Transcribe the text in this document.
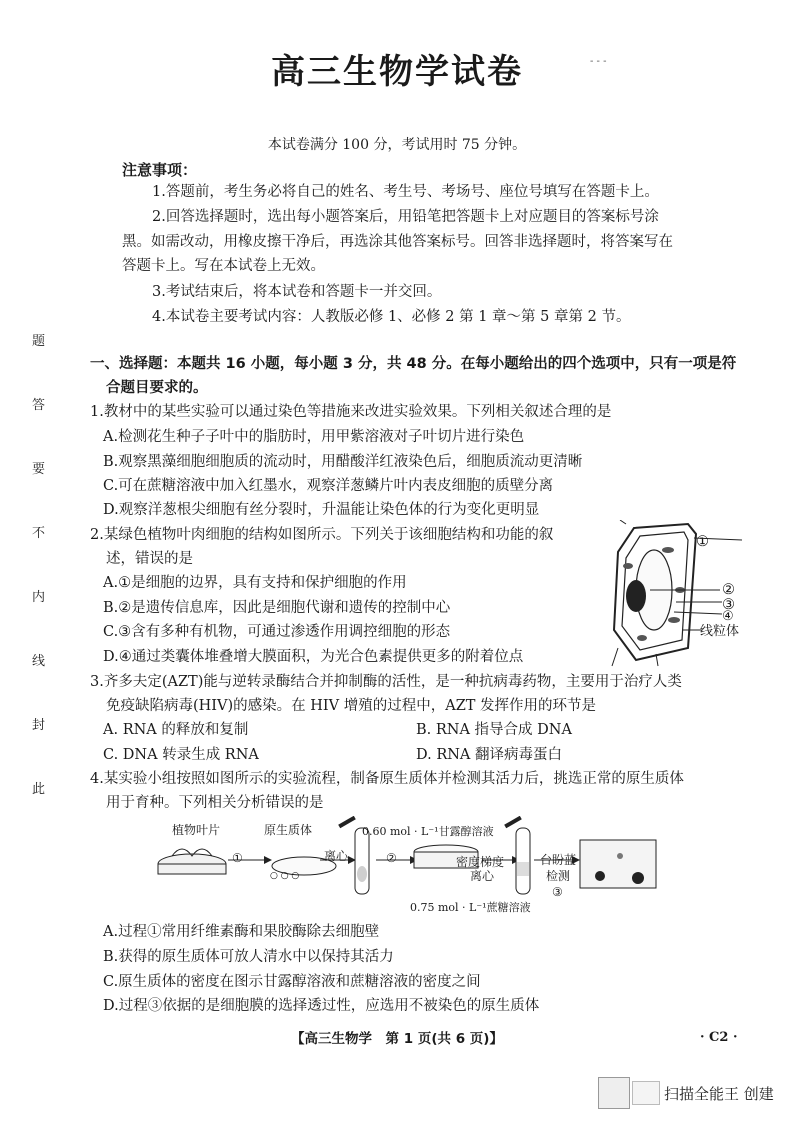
高三生物学试卷	- - -
本试卷满分 100 分，考试用时 75 分钟。
注意事项：
1.答题前，考生务必将自己的姓名、考生号、考场号、座位号填写在答题卡上。
2.回答选择题时，选出每小题答案后，用铅笔把答题卡上对应题目的答案标号涂
黑。如需改动，用橡皮擦干净后，再选涂其他答案标号。回答非选择题时，将答案写在
答题卡上。写在本试卷上无效。
3.考试结束后，将本试卷和答题卡一并交回。
4.本试卷主要考试内容：人教版必修 1、必修 2 第 1 章～第 5 章第 2 节。
题
答
要
不
内
线
封
此
一、选择题：本题共 16 小题，每小题 3 分，共 48 分。在每小题给出的四个选项中，只有一项是符
合题目要求的。
1.教材中的某些实验可以通过染色等措施来改进实验效果。下列相关叙述合理的是
A.检测花生种子子叶中的脂肪时，用甲紫溶液对子叶切片进行染色
B.观察黑藻细胞细胞质的流动时，用醋酸洋红液染色后，细胞质流动更清晰
C.可在蔗糖溶液中加入红墨水，观察洋葱鳞片叶内表皮细胞的质壁分离
D.观察洋葱根尖细胞有丝分裂时，升温能让染色体的行为变化更明显
2.某绿色植物叶肉细胞的结构如图所示。下列关于该细胞结构和功能的叙
述，错误的是
A.①是细胞的边界，具有支持和保护细胞的作用
B.②是遗传信息库，因此是细胞代谢和遗传的控制中心
C.③含有多种有机物，可通过渗透作用调控细胞的形态
D.④通过类囊体堆叠增大膜面积，为光合色素提供更多的附着位点
①
②
③
④
线粒体
3.齐多夫定(AZT)能与逆转录酶结合并抑制酶的活性，是一种抗病毒药物，主要用于治疗人类
免疫缺陷病毒(HIV)的感染。在 HIV 增殖的过程中，AZT 发挥作用的环节是
A. RNA 的释放和复制	B. RNA 指导合成 DNA
C. DNA 转录生成 RNA	D. RNA 翻译病毒蛋白
4.某实验小组按照如图所示的实验流程，制备原生质体并检测其活力后，挑选正常的原生质体
用于育种。下列相关分析错误的是
○ ○ ○
植物叶片
①
原生质体
离心	②
0.60 mol · L⁻¹甘露醇溶液
密度梯度
离心
0.75 mol · L⁻¹蔗糖溶液
台盼蓝
检测
③
A.过程①常用纤维素酶和果胶酶除去细胞壁
B.获得的原生质体可放人清水中以保持其活力
C.原生质体的密度在图示甘露醇溶液和蔗糖溶液的密度之间
D.过程③依据的是细胞膜的选择透过性，应选用不被染色的原生质体
【高三生物学　第 1 页(共 6 页)】	· C2 ·
扫描全能王 创建
